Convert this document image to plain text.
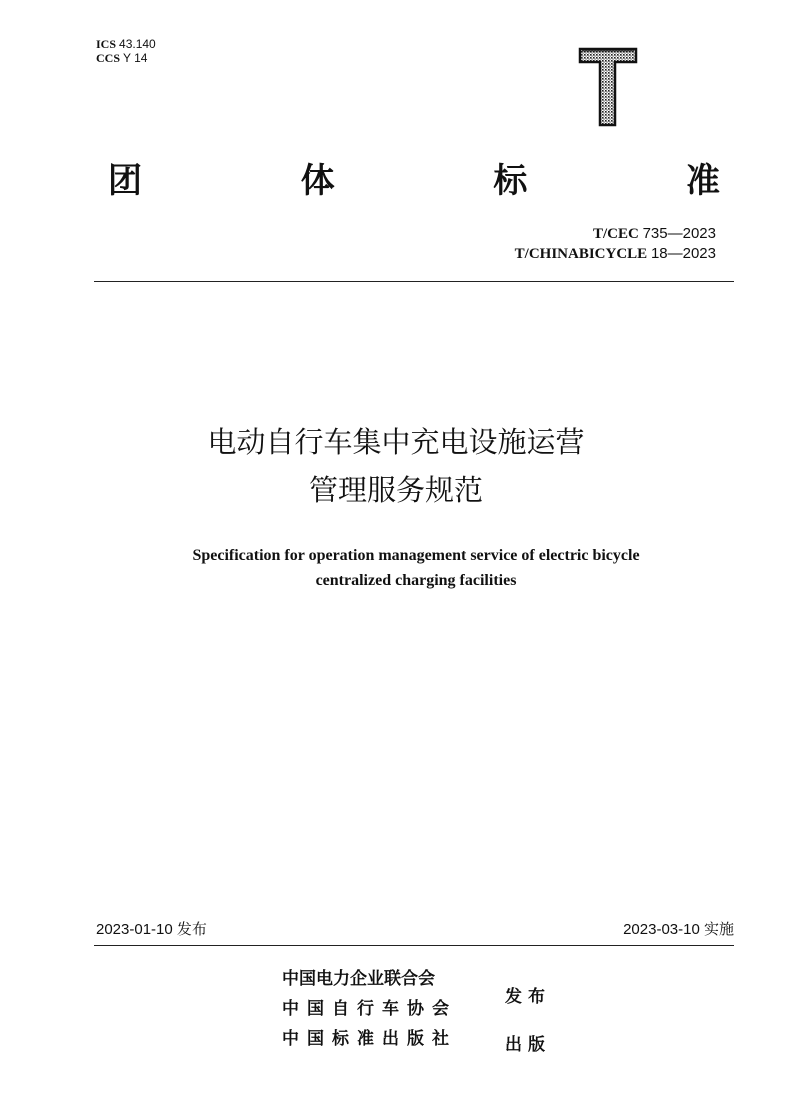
ICS 43.140
CCS Y 14
团	体	标	准
T/CEC 735—2023
T/CHINABICYCLE 18—2023
电动自行车集中充电设施运营
管理服务规范
Specification for operation management service of electric bicycle
centralized charging facilities
2023-01-10 发布	2023-03-10 实施
中国电力企业联合会
中国自行车协会
中国标准出版社
发布
出版
